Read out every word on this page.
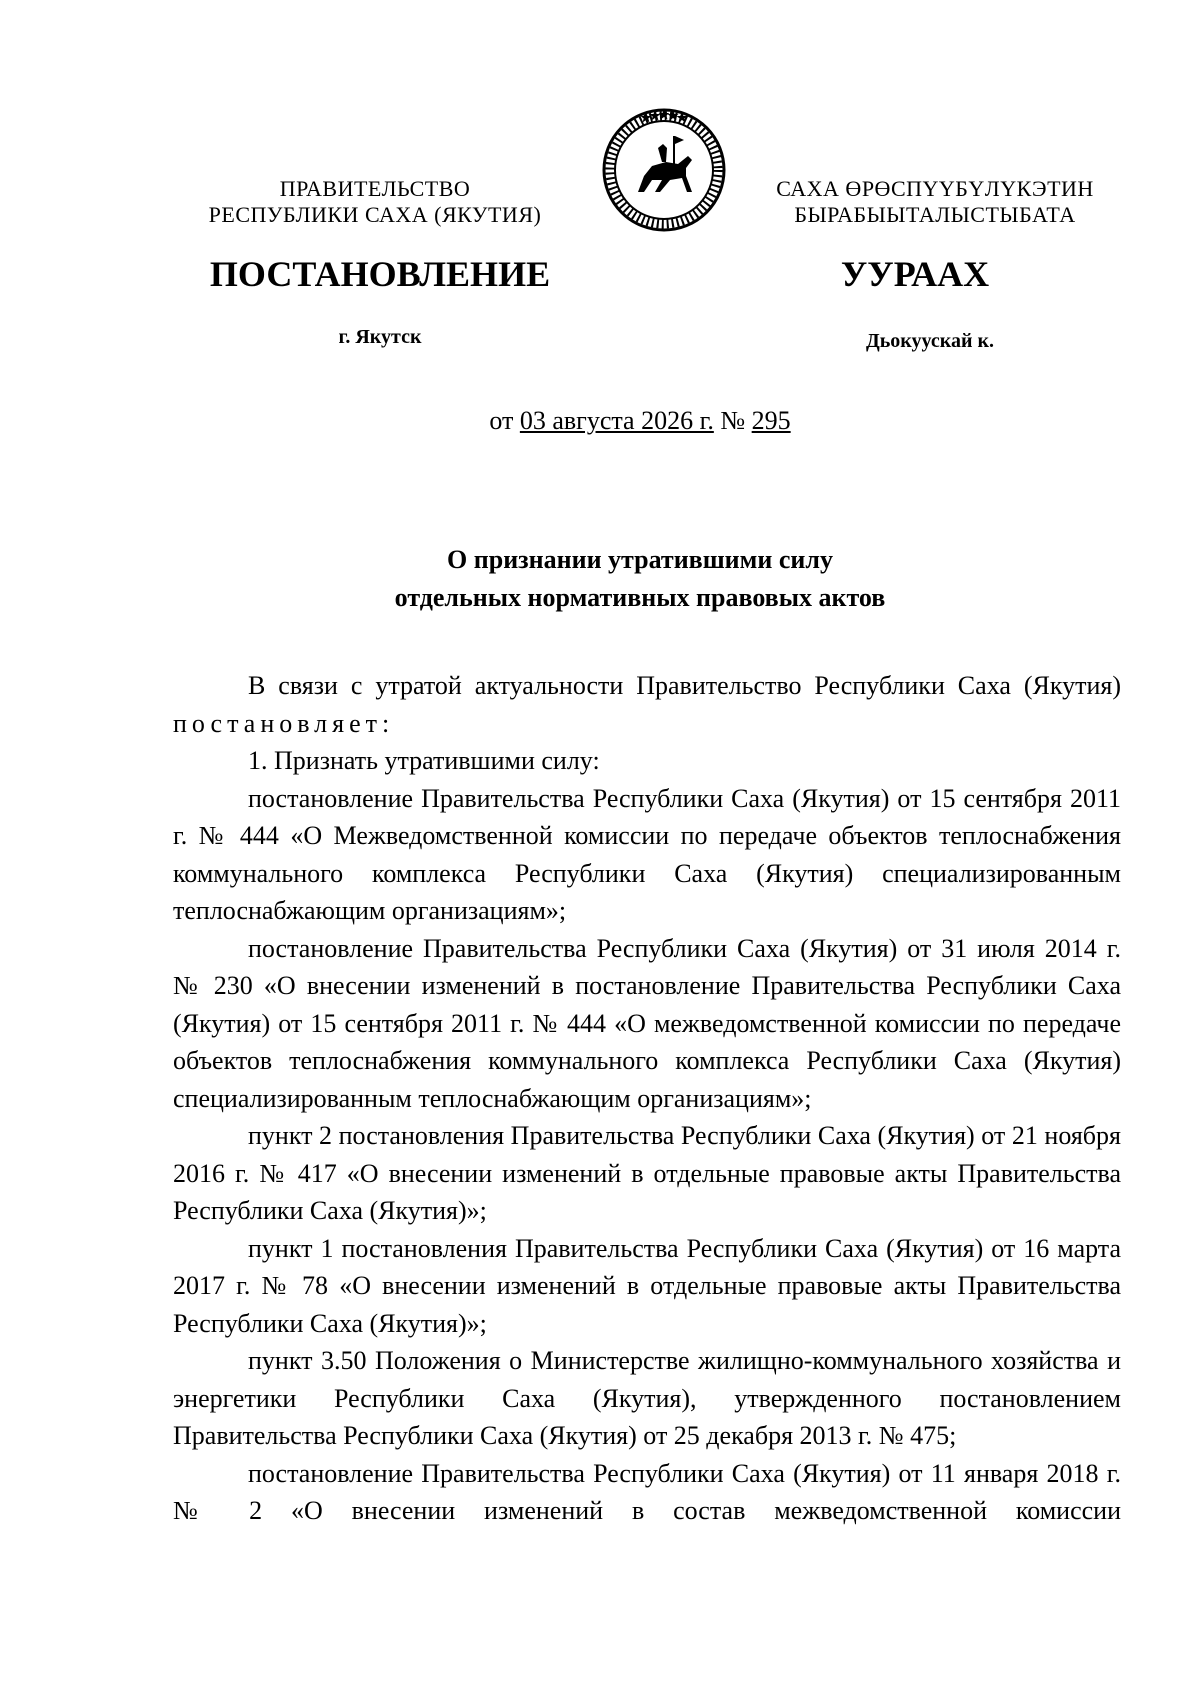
ПРАВИТЕЛЬСТВО
РЕСПУБЛИКИ САХА (ЯКУТИЯ)
САХА ӨРӨСПҮҮБҮЛҮКЭТИН
БЫРАБЫЫТАЛЫСТЫБАТА
ПОСТАНОВЛЕНИЕ	УУРААХ
г. Якутск	Дьокуускай к.
от 03 августа 2026 г. № 295
О признании утратившими силу
отдельных нормативных правовых актов

В связи с утратой актуальности Правительство Республики Саха (Якутия) постановляет:

1. Признать утратившими силу:

постановление Правительства Республики Саха (Якутия) от 15 сентября 2011 г. № 444 «О Межведомственной комиссии по передаче объектов теплоснабжения коммунального комплекса Республики Саха (Якутия) специализированным теплоснабжающим организациям»;

постановление Правительства Республики Саха (Якутия) от 31 июля 2014 г. № 230 «О внесении изменений в постановление Правительства Республики Саха (Якутия) от 15 сентября 2011 г. № 444 «О межведомственной комиссии по передаче объектов теплоснабжения коммунального комплекса Республики Саха (Якутия) специализированным теплоснабжающим организациям»;

пункт 2 постановления Правительства Республики Саха (Якутия) от 21 ноября 2016 г. № 417 «О внесении изменений в отдельные правовые акты Правительства Республики Саха (Якутия)»;

пункт 1 постановления Правительства Республики Саха (Якутия) от 16 марта 2017 г. № 78 «О внесении изменений в отдельные правовые акты Правительства Республики Саха (Якутия)»;

пункт 3.50 Положения о Министерстве жилищно-коммунального хозяйства и энергетики Республики Саха (Якутия), утвержденного постановлением Правительства Республики Саха (Якутия) от 25 декабря 2013 г. № 475;

постановление Правительства Республики Саха (Якутия) от 11 января 2018 г. № 2 «О внесении изменений в состав межведомственной комиссии
